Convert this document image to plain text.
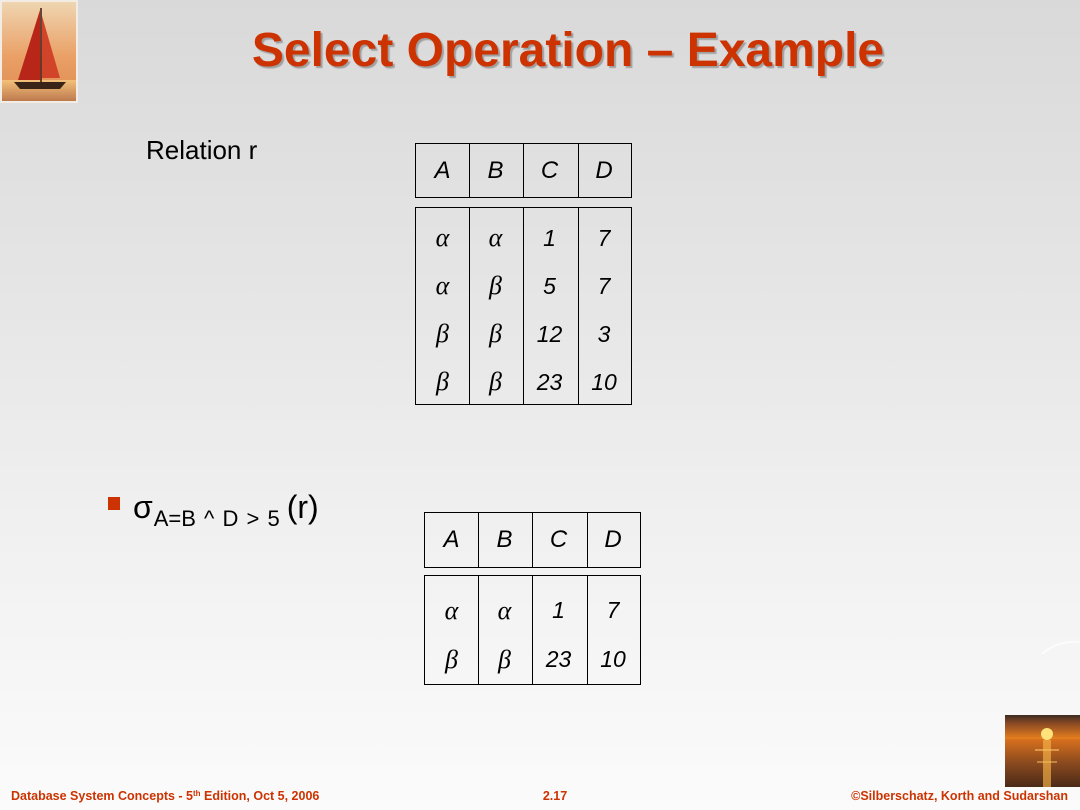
Select Operation – Example
Relation r
A	B	C	D
α	α	1	7
α	β	5	7
β	β	12	3
β	β	23	10
$\sigma_{A=B \^{} D > 5}$ (r)
A	B	C	D
α	α	1	7
β	β	23	10
Database System Concepts - 5th Edition, Oct 5, 2006	2.17	©Silberschatz, Korth and Sudarshan
